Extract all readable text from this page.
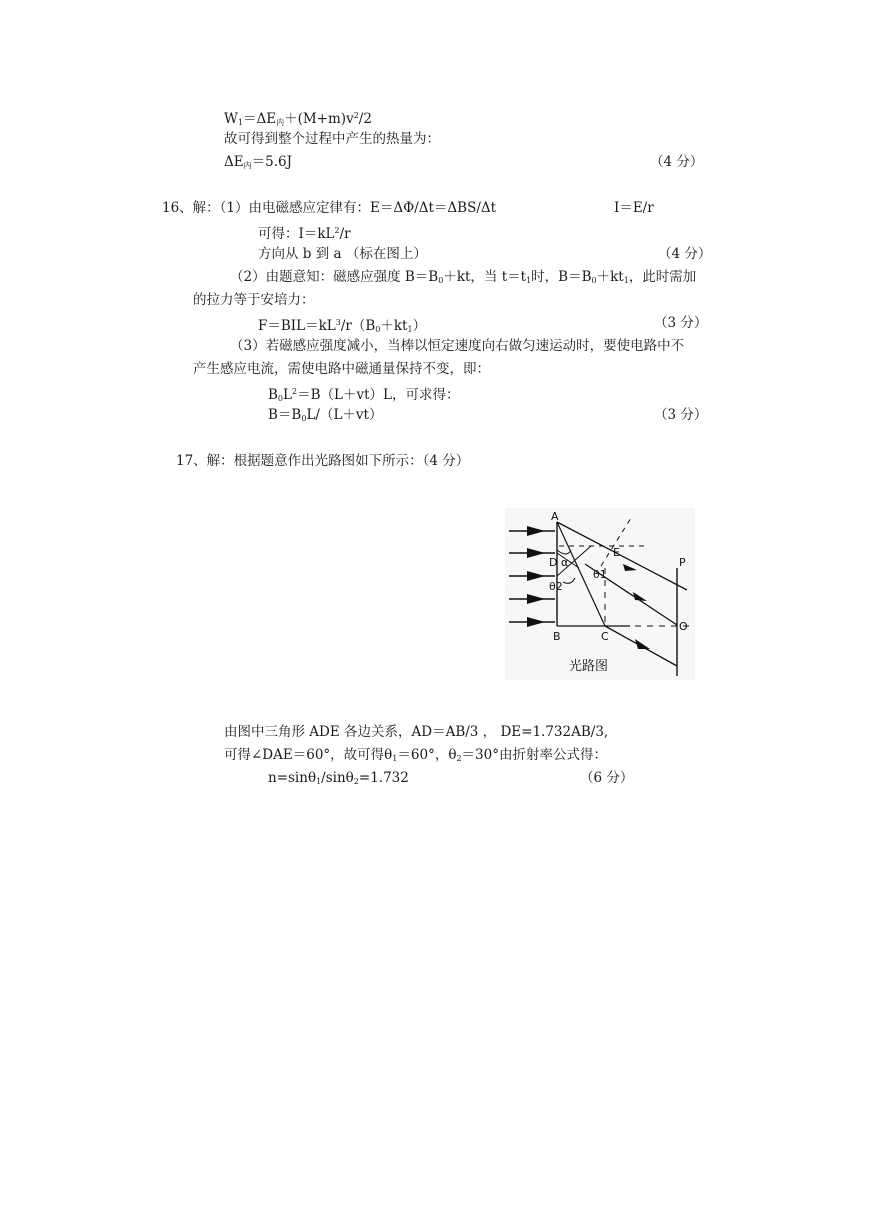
$W_1=\Delta E_内+(M+m)v^2/2$
故可得到整个过程中产生的热量为：
$\Delta E_内=5.6J$	（4 分）
16、解：（1）由电磁感应定律有：E＝ΔΦ/Δt＝ΔBS/Δt	I＝E/r
可得：$I=kL^2/r$
方向从 b 到 a （标在图上）	（4 分）
（2）由题意知：磁感应强度 $B=B_0+kt$，当 $t=t_1$时，$B=B_0+kt_1$，此时需加
的拉力等于安培力：
$F=BIL=kL^3/r(B_0+kt_1)$	（3 分）
（3）若磁感应强度减小，当棒以恒定速度向右做匀速运动时，要使电路中不
产生感应电流，需使电路中磁通量保持不变，即：
$B_0L^2=B(L+vt)L$，可求得：
$B=B_0L/(L+vt)$	（3 分）
17、解：根据题意作出光路图如下所示：（4 分）
A
B	C
D
E
P
O
α
θ1
θ2
光路图
由图中三角形 ADE 各边关系，AD＝AB/3 ， DE=1.732AB/3,
可得∠DAE＝60°，故可得$\theta_1=60^\circ$，$\theta_2=30^\circ$由折射率公式得：
n=sinθ$_1$/sinθ$_2$=1.732	（6 分）
